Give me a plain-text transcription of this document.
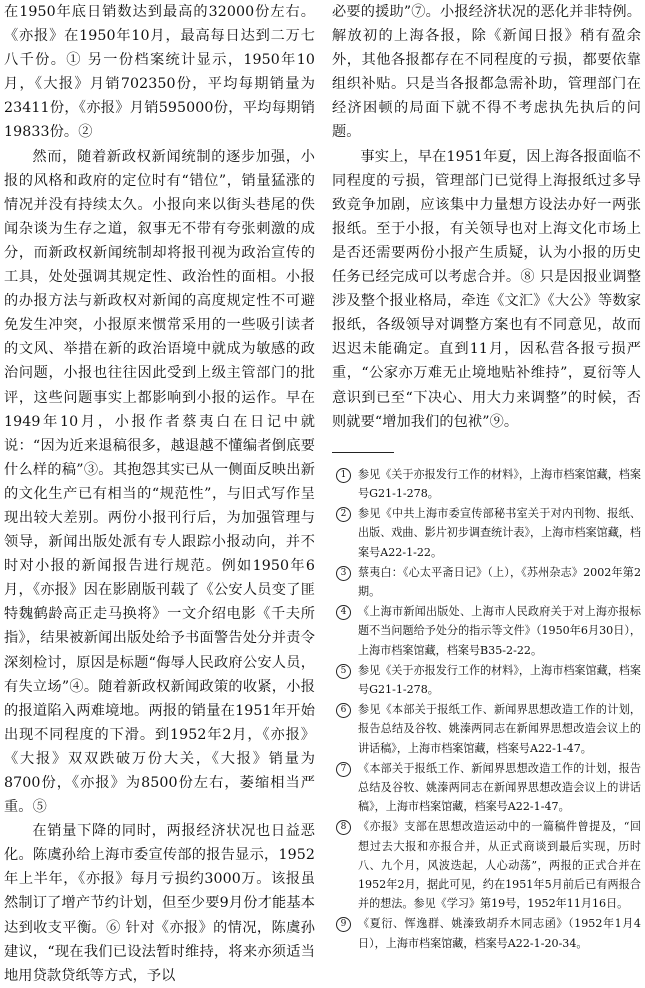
在1950年底日销数达到最高的32000份左右。《亦报》在1950年10月，最高每日达到二万七八千份。① 另一份档案统计显示，1950年10月，《大报》月销702350份，平均每期销量为23411份，《亦报》月销595000份，平均每期销19833份。②

然而，随着新政权新闻统制的逐步加强，小报的风格和政府的定位时有“错位”，销量猛涨的情况并没有持续太久。小报向来以街头巷尾的佚闻杂谈为生存之道，叙事无不带有夸张刺激的成分，而新政权新闻统制却将报刊视为政治宣传的工具，处处强调其规定性、政治性的面相。小报的办报方法与新政权对新闻的高度规定性不可避免发生冲突，小报原来惯常采用的一些吸引读者的文风、举措在新的政治语境中就成为敏感的政治问题，小报也往往因此受到上级主管部门的批评，这些问题事实上都影响到小报的运作。早在1949年10月，小报作者蔡夷白在日记中就说：“因为近来退稿很多，越退越不懂编者倒底要什么样的稿”③。其抱怨其实已从一侧面反映出新的文化生产已有相当的“规范性”，与旧式写作呈现出较大差别。两份小报刊行后，为加强管理与领导，新闻出版处派有专人跟踪小报动向，并不时对小报的新闻报告进行规范。例如1950年6月，《亦报》因在影剧版刊载了《公安人员变了匪特魏鹤龄高正走马换将》一文介绍电影《千夫所指》，结果被新闻出版处给予书面警告处分并责令深刻检讨，原因是标题“侮辱人民政府公安人员，有失立场”④。随着新政权新闻政策的收紧，小报的报道陷入两难境地。两报的销量在1951年开始出现不同程度的下滑。到1952年2月，《亦报》《大报》双双跌破万份大关，《大报》销量为8700份，《亦报》为8500份左右，萎缩相当严重。⑤

在销量下降的同时，两报经济状况也日益恶化。陈虞孙给上海市委宣传部的报告显示，1952年上半年，《亦报》每月亏损约3000万。该报虽然制订了增产节约计划，但至少要9月份才能基本达到收支平衡。⑥ 针对《亦报》的情况，陈虞孙建议，“现在我们已设法暂时维持，将来亦须适当地用贷款贷纸等方式，予以

必要的援助”⑦。小报经济状况的恶化并非特例。解放初的上海各报，除《新闻日报》稍有盈余外，其他各报都存在不同程度的亏损，都要依靠组织补贴。只是当各报都急需补助，管理部门在经济困顿的局面下就不得不考虑执先执后的问题。

事实上，早在1951年夏，因上海各报面临不同程度的亏损，管理部门已觉得上海报纸过多导致竞争加剧，应该集中力量想方设法办好一两张报纸。至于小报，有关领导也对上海文化市场上是否还需要两份小报产生质疑，认为小报的历史任务已经完成可以考虑合并。⑧ 只是因报业调整涉及整个报业格局，牵连《文汇》《大公》等数家报纸，各级领导对调整方案也有不同意见，故而迟迟未能确定。直到11月，因私营各报亏损严重，“公家亦万难无止境地贴补维持”，夏衍等人意识到已至“下决心、用大力来调整”的时候，否则就要“增加我们的包袱”⑨。

1	参见《关于亦报发行工作的材料》，上海市档案馆藏，档案号G21-1-278。
2	参见《中共上海市委宣传部秘书室关于对内刊物、报纸、出版、戏曲、影片初步调查统计表》，上海市档案馆藏，档案号A22-1-22。
3	蔡夷白：《心太平斋日记》（上），《苏州杂志》2002年第2期。
4	《上海市新闻出版处、上海市人民政府关于对上海亦报标题不当问题给予处分的指示等文件》（1950年6月30日），上海市档案馆藏，档案号B35-2-22。
5	参见《关于亦报发行工作的材料》，上海市档案馆藏，档案号G21-1-278。
6	参见《本部关于报纸工作、新闻界思想改造工作的计划，报告总结及谷牧、姚溱两同志在新闻界思想改造会议上的讲话稿》，上海市档案馆藏，档案号A22-1-47。
7	《本部关于报纸工作、新闻界思想改造工作的计划，报告总结及谷牧、姚溱两同志在新闻界思想改造会议上的讲话稿》，上海市档案馆藏，档案号A22-1-47。
8	《亦报》支部在思想改造运动中的一篇稿件曾提及，“回想过去大报和亦报合并，从正式商谈到最后实现，历时八、九个月，风波迭起，人心动荡”，两报的正式合并在1952年2月，据此可见，约在1951年5月前后已有两报合并的想法。参见《学习》第19号，1952年11月16日。
9	《夏衍、恽逸群、姚溱致胡乔木同志函》（1952年1月4日），上海市档案馆藏，档案号A22-1-20-34。
